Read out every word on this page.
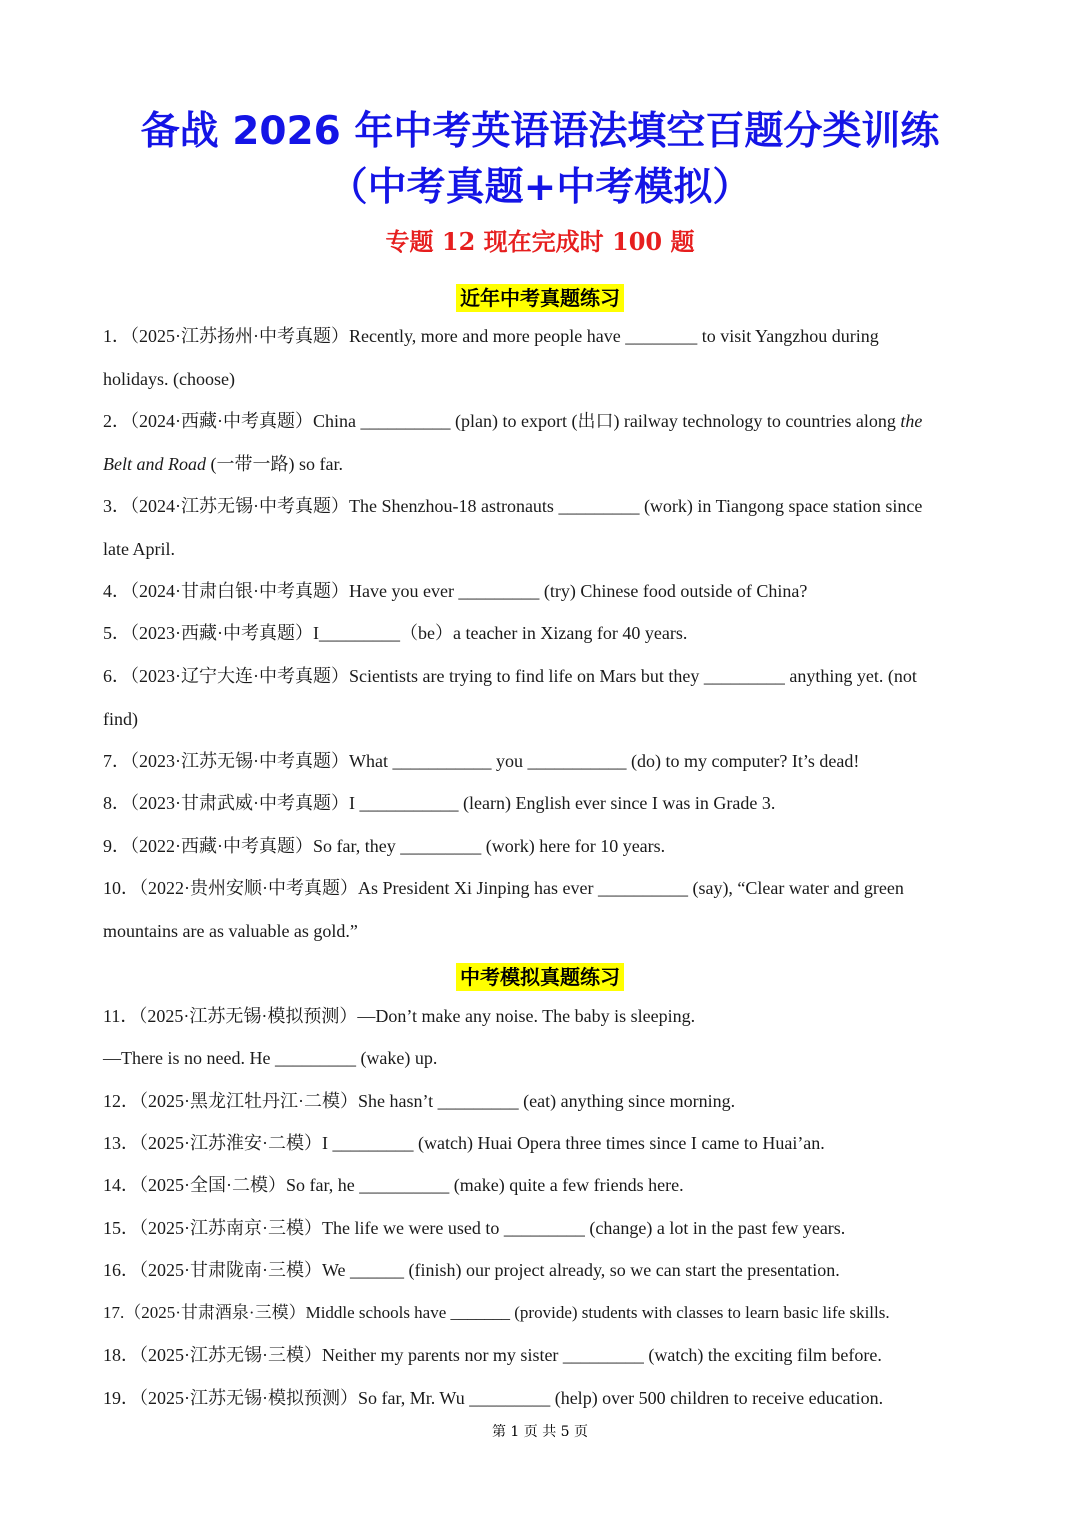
备战 2026 年中考英语语法填空百题分类训练
（中考真题+中考模拟）
专题 12 现在完成时 100 题
近年中考真题练习
1．（2025·江苏扬州·中考真题）Recently, more and more people have ________ to visit Yangzhou during
holidays. (choose)
2．（2024·西藏·中考真题）China __________ (plan) to export (出口) railway technology to countries along the
Belt and Road (一带一路) so far.
3．（2024·江苏无锡·中考真题）The Shenzhou-18 astronauts _________ (work) in Tiangong space station since
late April.
4．（2024·甘肃白银·中考真题）Have you ever _________ (try) Chinese food outside of China?
5．（2023·西藏·中考真题）I_________（be）a teacher in Xizang for 40 years.
6．（2023·辽宁大连·中考真题）Scientists are trying to find life on Mars but they _________ anything yet. (not
find)
7．（2023·江苏无锡·中考真题）What ___________ you ___________ (do) to my computer? It’s dead!
8．（2023·甘肃武威·中考真题）I ___________ (learn) English ever since I was in Grade 3.
9．（2022·西藏·中考真题）So far, they _________ (work) here for 10 years.
10．（2022·贵州安顺·中考真题）As President Xi Jinping has ever __________ (say), “Clear water and green
mountains are as valuable as gold.”
中考模拟真题练习
11．（2025·江苏无锡·模拟预测）—Don’t make any noise. The baby is sleeping.
—There is no need. He _________ (wake) up.
12．（2025·黑龙江牡丹江·二模）She hasn’t _________ (eat) anything since morning.
13．（2025·江苏淮安·二模）I _________ (watch) Huai Opera three times since I came to Huai’an.
14．（2025·全国·二模）So far, he __________ (make) quite a few friends here.
15．（2025·江苏南京·三模）The life we were used to _________ (change) a lot in the past few years.
16．（2025·甘肃陇南·三模）We ______ (finish) our project already, so we can start the presentation.
17.（2025·甘肃酒泉·三模）Middle schools have _______ (provide) students with classes to learn basic life skills.
18．（2025·江苏无锡·三模）Neither my parents nor my sister _________ (watch) the exciting film before.
19．（2025·江苏无锡·模拟预测）So far, Mr. Wu _________ (help) over 500 children to receive education.
第 1 页 共 5 页
